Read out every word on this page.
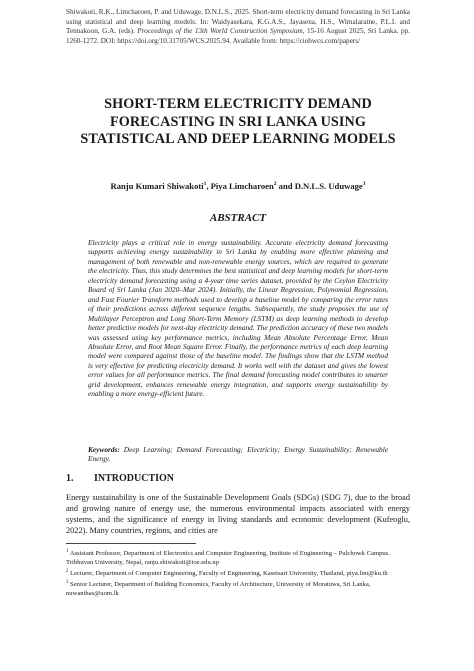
Shiwakoti, R.K., Limcharoen, P. and Uduwage, D.N.L.S., 2025. Short-term electricity demand forecasting in Sri Lanka using statistical and deep learning models. In: Waidyasekara, K.G.A.S., Jayasena, H.S., Wimalaratne, P.L.I. and Tennakoon, G.A. (eds). Proceedings of the 13th World Construction Symposium, 15-16 August 2025, Sri Lanka. pp. 1260-1272. DOI: https://doi.org/10.31705/WCS.2025.94. Available from: https://ciobwcs.com/papers/
SHORT-TERM ELECTRICITY DEMAND FORECASTING IN SRI LANKA USING STATISTICAL AND DEEP LEARNING MODELS
Ranju Kumari Shiwakoti$^1$, Piya Limcharoen$^2$ and D.N.L.S. Uduwage$^3$
ABSTRACT
Electricity plays a critical role in energy sustainability. Accurate electricity demand forecasting supports achieving energy sustainability in Sri Lanka by enabling more effective planning and management of both renewable and non-renewable energy sources, which are required to generate the electricity. Thus, this study determines the best statistical and deep learning models for short-term electricity demand forecasting using a 4-year time series dataset, provided by the Ceylon Electricity Board of Sri Lanka (Jan 2020–Mar 2024). Initially, the Linear Regression, Polynomial Regression, and Fast Fourier Transform methods used to develop a baseline model by comparing the error rates of their predictions across different sequence lengths. Subsequently, the study proposes the use of Multilayer Perceptron and Long Short-Term Memory (LSTM) as deep learning methods to develop better predictive models for next-day electricity demand. The prediction accuracy of these two models was assessed using key performance metrics, including Mean Absolute Percentage Error, Mean Absolute Error, and Root Mean Square Error. Finally, the performance metrics of each deep learning model were compared against those of the baseline model. The findings show that the LSTM method is very effective for predicting electricity demand. It works well with the dataset and gives the lowest error values for all performance metrics. The final demand forecasting model contributes to smarter grid development, enhances renewable energy integration, and supports energy sustainability by enabling a more energy-efficient future.
Keywords: Deep Learning; Demand Forecasting; Electricity; Energy Sustainability; Renewable Energy.
1. INTRODUCTION
Energy sustainability is one of the Sustainable Development Goals (SDGs) (SDG 7), due to the broad and growing nature of energy use, the numerous environmental impacts associated with energy systems, and the significance of energy in living standards and economic development (Kufeoglu, 2022). Many countries, regions, and cities are

$^1$ Assistant Professor, Department of Electronics and Computer Engineering, Institute of Engineering – Pulchowk Campus. Tribhuvan University, Nepal, ranju.shiwakoti@ioe.edu.np

$^2$ Lecturer, Department of Computer Engineering, Faculty of Engineering, Kasetsart University, Thailand, piya.lim@ku.th

$^3$ Senior Lecturer, Department of Building Economics, Faculty of Architecture, University of Moratuwa, Sri Lanka, nuwanthas@uom.lk
